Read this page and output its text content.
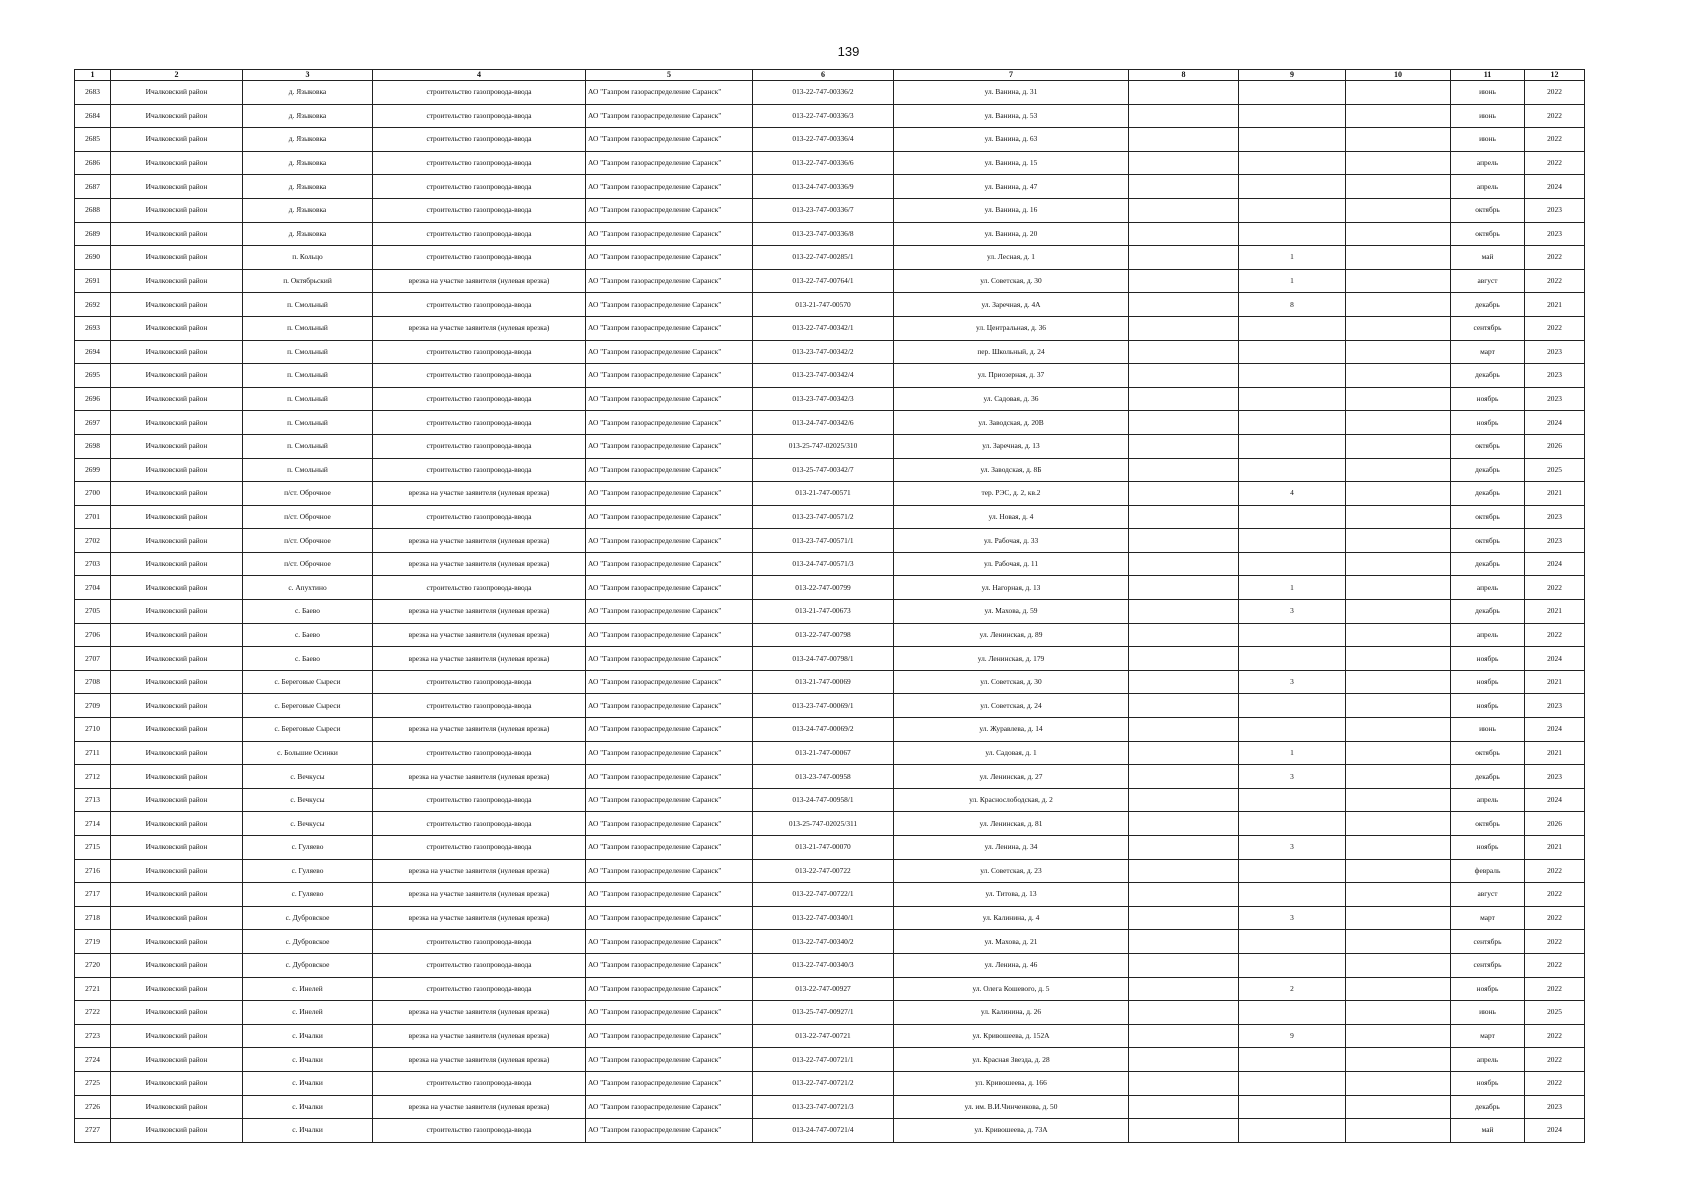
139
1	2	3	4	5	6	7	8	9	10	11	12
2683	Ичалковский район	д. Языковка	строительство газопровода-ввода	АО "Газпром газораспределение Саранск"	013-22-747-00336/2	ул. Ванина, д. 31				июнь	2022
2684	Ичалковский район	д. Языковка	строительство газопровода-ввода	АО "Газпром газораспределение Саранск"	013-22-747-00336/3	ул. Ванина, д. 53				июнь	2022
2685	Ичалковский район	д. Языковка	строительство газопровода-ввода	АО "Газпром газораспределение Саранск"	013-22-747-00336/4	ул. Ванина, д. 63				июнь	2022
2686	Ичалковский район	д. Языковка	строительство газопровода-ввода	АО "Газпром газораспределение Саранск"	013-22-747-00336/6	ул. Ванина, д. 15				апрель	2022
2687	Ичалковский район	д. Языковка	строительство газопровода-ввода	АО "Газпром газораспределение Саранск"	013-24-747-00336/9	ул. Ванина, д. 47				апрель	2024
2688	Ичалковский район	д. Языковка	строительство газопровода-ввода	АО "Газпром газораспределение Саранск"	013-23-747-00336/7	ул. Ванина, д. 16				октябрь	2023
2689	Ичалковский район	д. Языковка	строительство газопровода-ввода	АО "Газпром газораспределение Саранск"	013-23-747-00336/8	ул. Ванина, д. 20				октябрь	2023
2690	Ичалковский район	п. Кольцо	строительство газопровода-ввода	АО "Газпром газораспределение Саранск"	013-22-747-00285/1	ул. Лесная, д. 1		1		май	2022
2691	Ичалковский район	п. Октябрьский	врезка на участке заявителя (нулевая врезка)	АО "Газпром газораспределение Саранск"	013-22-747-00764/1	ул. Советская, д. 30		1		август	2022
2692	Ичалковский район	п. Смольный	строительство газопровода-ввода	АО "Газпром газораспределение Саранск"	013-21-747-00570	ул. Заречная, д. 4А		8		декабрь	2021
2693	Ичалковский район	п. Смольный	врезка на участке заявителя (нулевая врезка)	АО "Газпром газораспределение Саранск"	013-22-747-00342/1	ул. Центральная, д. 36				сентябрь	2022
2694	Ичалковский район	п. Смольный	строительство газопровода-ввода	АО "Газпром газораспределение Саранск"	013-23-747-00342/2	пер. Школьный, д. 24				март	2023
2695	Ичалковский район	п. Смольный	строительство газопровода-ввода	АО "Газпром газораспределение Саранск"	013-23-747-00342/4	ул. Приозерная, д. 37				декабрь	2023
2696	Ичалковский район	п. Смольный	строительство газопровода-ввода	АО "Газпром газораспределение Саранск"	013-23-747-00342/3	ул. Садовая, д. 36				ноябрь	2023
2697	Ичалковский район	п. Смольный	строительство газопровода-ввода	АО "Газпром газораспределение Саранск"	013-24-747-00342/6	ул. Заводская, д. 20В				ноябрь	2024
2698	Ичалковский район	п. Смольный	строительство газопровода-ввода	АО "Газпром газораспределение Саранск"	013-25-747-02025/310	ул. Заречная, д. 13				октябрь	2026
2699	Ичалковский район	п. Смольный	строительство газопровода-ввода	АО "Газпром газораспределение Саранск"	013-25-747-00342/7	ул. Заводская, д. 8Б				декабрь	2025
2700	Ичалковский район	п/ст. Оброчное	врезка на участке заявителя (нулевая врезка)	АО "Газпром газораспределение Саранск"	013-21-747-00571	тер. РЭС, д. 2, кв.2		4		декабрь	2021
2701	Ичалковский район	п/ст. Оброчное	строительство газопровода-ввода	АО "Газпром газораспределение Саранск"	013-23-747-00571/2	ул. Новая, д. 4				октябрь	2023
2702	Ичалковский район	п/ст. Оброчное	врезка на участке заявителя (нулевая врезка)	АО "Газпром газораспределение Саранск"	013-23-747-00571/1	ул. Рабочая, д. 33				октябрь	2023
2703	Ичалковский район	п/ст. Оброчное	врезка на участке заявителя (нулевая врезка)	АО "Газпром газораспределение Саранск"	013-24-747-00571/3	ул. Рабочая, д. 11				декабрь	2024
2704	Ичалковский район	с. Апухтино	строительство газопровода-ввода	АО "Газпром газораспределение Саранск"	013-22-747-00799	ул. Нагорная, д. 13		1		апрель	2022
2705	Ичалковский район	с. Баево	врезка на участке заявителя (нулевая врезка)	АО "Газпром газораспределение Саранск"	013-21-747-00673	ул. Махова, д. 59		3		декабрь	2021
2706	Ичалковский район	с. Баево	врезка на участке заявителя (нулевая врезка)	АО "Газпром газораспределение Саранск"	013-22-747-00798	ул. Ленинская, д. 89				апрель	2022
2707	Ичалковский район	с. Баево	врезка на участке заявителя (нулевая врезка)	АО "Газпром газораспределение Саранск"	013-24-747-00798/1	ул. Ленинская, д. 179				ноябрь	2024
2708	Ичалковский район	с. Береговые Сыреси	строительство газопровода-ввода	АО "Газпром газораспределение Саранск"	013-21-747-00069	ул. Советская, д. 30		3		ноябрь	2021
2709	Ичалковский район	с. Береговые Сыреси	строительство газопровода-ввода	АО "Газпром газораспределение Саранск"	013-23-747-00069/1	ул. Советская, д. 24				ноябрь	2023
2710	Ичалковский район	с. Береговые Сыреси	врезка на участке заявителя (нулевая врезка)	АО "Газпром газораспределение Саранск"	013-24-747-00069/2	ул. Журавлева, д. 14				июнь	2024
2711	Ичалковский район	с. Большие Осинки	строительство газопровода-ввода	АО "Газпром газораспределение Саранск"	013-21-747-00067	ул. Садовая, д. 1		1		октябрь	2021
2712	Ичалковский район	с. Вечкусы	врезка на участке заявителя (нулевая врезка)	АО "Газпром газораспределение Саранск"	013-23-747-00958	ул. Ленинская, д. 27		3		декабрь	2023
2713	Ичалковский район	с. Вечкусы	строительство газопровода-ввода	АО "Газпром газораспределение Саранск"	013-24-747-00958/1	ул. Краснослободская, д. 2				апрель	2024
2714	Ичалковский район	с. Вечкусы	строительство газопровода-ввода	АО "Газпром газораспределение Саранск"	013-25-747-02025/311	ул. Ленинская, д. 81				октябрь	2026
2715	Ичалковский район	с. Гуляево	строительство газопровода-ввода	АО "Газпром газораспределение Саранск"	013-21-747-00070	ул. Ленина, д. 34		3		ноябрь	2021
2716	Ичалковский район	с. Гуляево	врезка на участке заявителя (нулевая врезка)	АО "Газпром газораспределение Саранск"	013-22-747-00722	ул. Советская, д. 23				февраль	2022
2717	Ичалковский район	с. Гуляево	врезка на участке заявителя (нулевая врезка)	АО "Газпром газораспределение Саранск"	013-22-747-00722/1	ул. Титова, д. 13				август	2022
2718	Ичалковский район	с. Дубровское	врезка на участке заявителя (нулевая врезка)	АО "Газпром газораспределение Саранск"	013-22-747-00340/1	ул. Калинина, д. 4		3		март	2022
2719	Ичалковский район	с. Дубровское	строительство газопровода-ввода	АО "Газпром газораспределение Саранск"	013-22-747-00340/2	ул. Махова, д. 21				сентябрь	2022
2720	Ичалковский район	с. Дубровское	строительство газопровода-ввода	АО "Газпром газораспределение Саранск"	013-22-747-00340/3	ул. Ленина, д. 46				сентябрь	2022
2721	Ичалковский район	с. Инелей	строительство газопровода-ввода	АО "Газпром газораспределение Саранск"	013-22-747-00927	ул. Олега Кошевого, д. 5		2		ноябрь	2022
2722	Ичалковский район	с. Инелей	врезка на участке заявителя (нулевая врезка)	АО "Газпром газораспределение Саранск"	013-25-747-00927/1	ул. Калинина, д. 26				июнь	2025
2723	Ичалковский район	с. Ичалки	врезка на участке заявителя (нулевая врезка)	АО "Газпром газораспределение Саранск"	013-22-747-00721	ул. Кривошеева, д. 152А		9		март	2022
2724	Ичалковский район	с. Ичалки	врезка на участке заявителя (нулевая врезка)	АО "Газпром газораспределение Саранск"	013-22-747-00721/1	ул. Красная Звезда, д. 28				апрель	2022
2725	Ичалковский район	с. Ичалки	строительство газопровода-ввода	АО "Газпром газораспределение Саранск"	013-22-747-00721/2	ул. Кривошеева, д. 166				ноябрь	2022
2726	Ичалковский район	с. Ичалки	врезка на участке заявителя (нулевая врезка)	АО "Газпром газораспределение Саранск"	013-23-747-00721/3	ул. им. В.И.Чинченкова, д. 50				декабрь	2023
2727	Ичалковский район	с. Ичалки	строительство газопровода-ввода	АО "Газпром газораспределение Саранск"	013-24-747-00721/4	ул. Кривошеева, д. 73А				май	2024
